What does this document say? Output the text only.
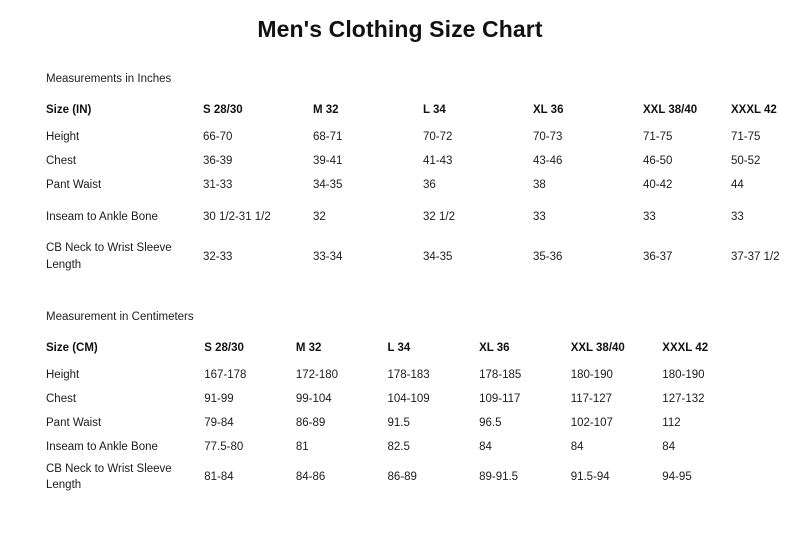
Men's Clothing Size Chart
Measurements in Inches
Size (IN)	S 28/30	M 32	L 34	XL 36	XXL 38/40	XXXL 42
Height	66-70	68-71	70-72	70-73	71-75	71-75
Chest	36-39	39-41	41-43	43-46	46-50	50-52
Pant Waist	31-33	34-35	36	38	40-42	44
Inseam to Ankle Bone	30 1/2-31 1/2	32	32 1/2	33	33	33
CB Neck to Wrist Sleeve Length	32-33	33-34	34-35	35-36	36-37	37-37 1/2
Measurement in Centimeters
Size (CM)	S 28/30	M 32	L 34	XL 36	XXL 38/40	XXXL 42
Height	167-178	172-180	178-183	178-185	180-190	180-190
Chest	91-99	99-104	104-109	109-117	117-127	127-132
Pant Waist	79-84	86-89	91.5	96.5	102-107	112
Inseam to Ankle Bone	77.5-80	81	82.5	84	84	84
CB Neck to Wrist Sleeve Length	81-84	84-86	86-89	89-91.5	91.5-94	94-95
